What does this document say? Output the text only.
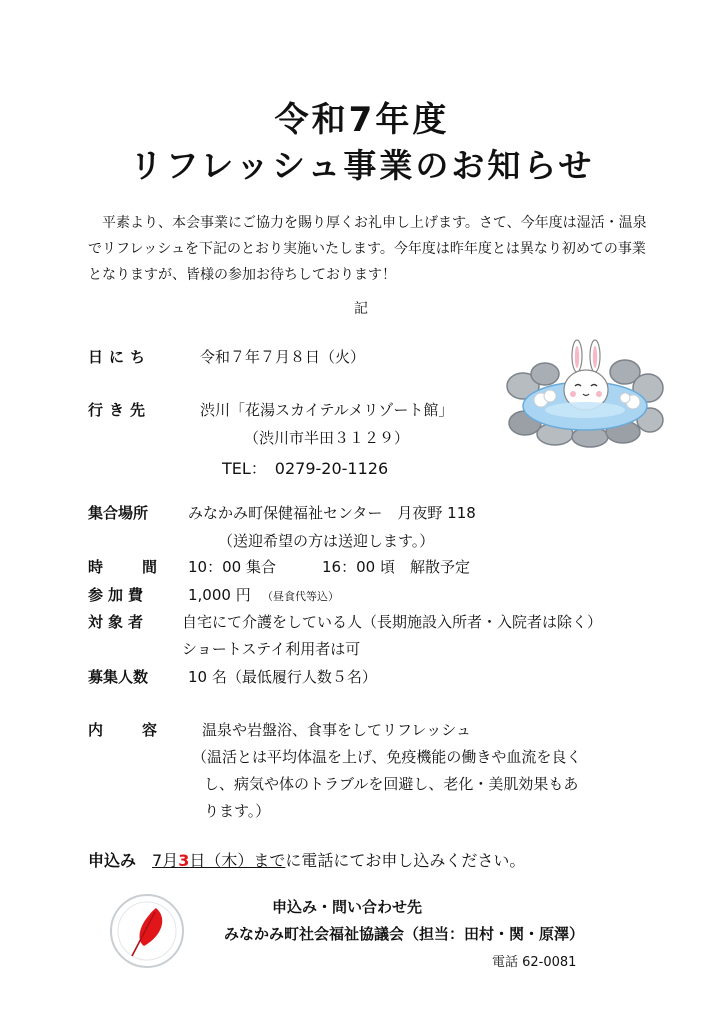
令和7年度
リフレッシュ事業のお知らせ
平素より、本会事業にご協力を賜り厚くお礼申し上げます。さて、今年度は湿活・温泉でリフレッシュを下記のとおり実施いたします。今年度は昨年度とは異なり初めての事業となりますが、皆様の参加お待ちしております！
記
日にち	令和７年７月８日（火）
行き先	渋川「花湯スカイテルメリゾート館」
（渋川市半田３１２９）
TEL：　0279-20-1126
集合場所	みなかみ町保健福祉センター　月夜野 118
（送迎希望の方は送迎します。）
時　間 10：00 集合	16：00 頃　解散予定
参加費	1,000 円 （昼食代等込）
対象者 自宅にて介護をしている人（長期施設入所者・入院者は除く）
ショートステイ利用者は可
募集人数	10 名（最低履行人数５名）
内　容 温泉や岩盤浴、食事をしてリフレッシュ
（温活とは平均体温を上げ、免疫機能の働きや血流を良く
し、病気や体のトラブルを回避し、老化・美肌効果もあ
ります。）
申込み　 7月3日（木）までに電話にてお申し込みください。
申込み・問い合わせ先
みなかみ町社会福祉協議会（担当：田村・関・原澤）
電話 62-0081
